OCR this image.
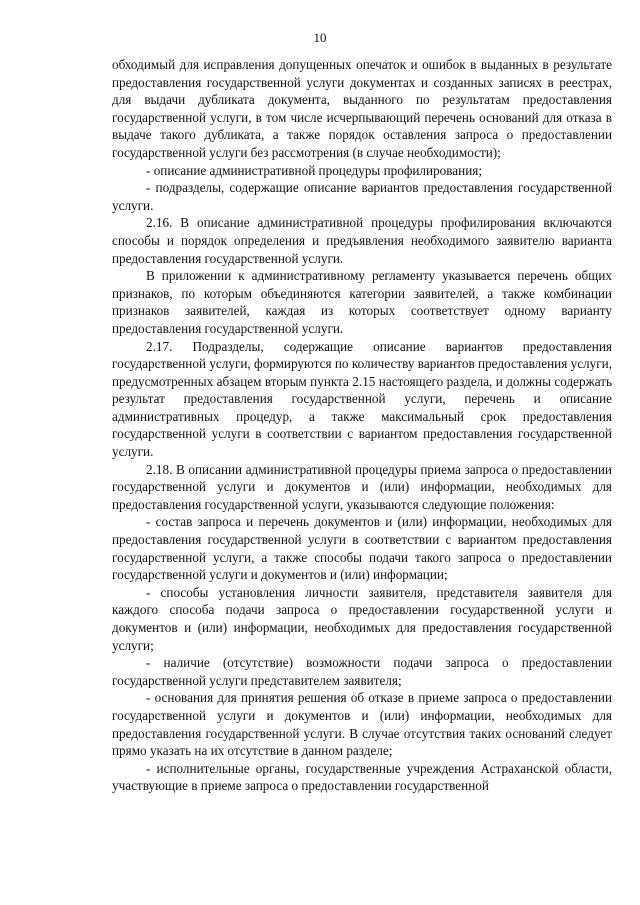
10

обходимый для исправления допущенных опечаток и ошибок в выданных в результате предоставления государственной услуги документах и созданных записях в реестрах, для выдачи дубликата документа, выданного по результатам предоставления государственной услуги, в том числе исчерпывающий перечень оснований для отказа в выдаче такого дубликата, а также порядок оставления запроса о предоставлении государственной услуги без рассмотрения (в случае необходимости);

- описание административной процедуры профилирования;

- подразделы, содержащие описание вариантов предоставления государственной услуги.

2.16. В описание административной процедуры профилирования включаются способы и порядок определения и предъявления необходимого заявителю варианта предоставления государственной услуги.

В приложении к административному регламенту указывается перечень общих признаков, по которым объединяются категории заявителей, а также комбинации признаков заявителей, каждая из которых соответствует одному варианту предоставления государственной услуги.

2.17. Подразделы, содержащие описание вариантов предоставления государственной услуги, формируются по количеству вариантов предоставления услуги, предусмотренных абзацем вторым пункта 2.15 настоящего раздела, и должны содержать результат предоставления государственной услуги, перечень и описание административных процедур, а также максимальный срок предоставления государственной услуги в соответствии с вариантом предоставления государственной услуги.

2.18. В описании административной процедуры приема запроса о предоставлении государственной услуги и документов и (или) информации, необходимых для предоставления государственной услуги, указываются следующие положения:

- состав запроса и перечень документов и (или) информации, необходимых для предоставления государственной услуги в соответствии с вариантом предоставления государственной услуги, а также способы подачи такого запроса о предоставлении государственной услуги и документов и (или) информации;

- способы установления личности заявителя, представителя заявителя для каждого способа подачи запроса о предоставлении государственной услуги и документов и (или) информации, необходимых для предоставления государственной услуги;

- наличие (отсутствие) возможности подачи запроса о предоставлении государственной услуги представителем заявителя;

- основания для принятия решения об отказе в приеме запроса о предоставлении государственной услуги и документов и (или) информации, необходимых для предоставления государственной услуги. В случае отсутствия таких оснований следует прямо указать на их отсутствие в данном разделе;

- исполнительные органы, государственные учреждения Астраханской области, участвующие в приеме запроса о предоставлении государственной
